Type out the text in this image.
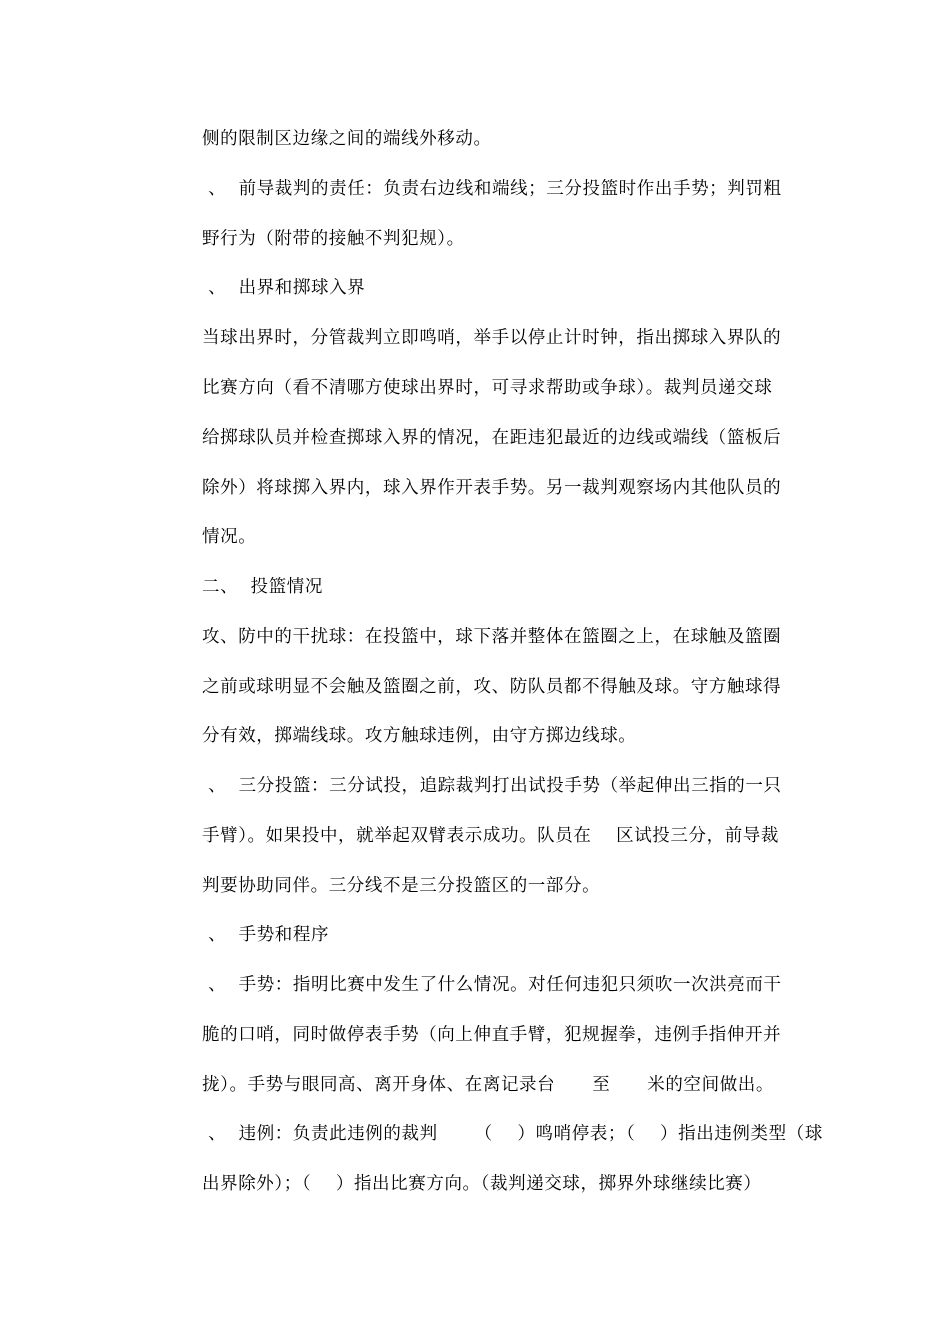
侧的限制区边缘之间的端线外移动。
、  前导裁判的责任：负责右边线和端线；三分投篮时作出手势；判罚粗
野行为（附带的接触不判犯规）。
、  出界和掷球入界
当球出界时，分管裁判立即鸣哨，举手以停止计时钟，指出掷球入界队的
比赛方向（看不清哪方使球出界时，可寻求帮助或争球）。裁判员递交球
给掷球队员并检查掷球入界的情况，在距违犯最近的边线或端线（篮板后
除外）将球掷入界内，球入界作开表手势。另一裁判观察场内其他队员的
情况。
二、  投篮情况
攻、防中的干扰球：在投篮中，球下落并整体在篮圈之上，在球触及篮圈
之前或球明显不会触及篮圈之前，攻、防队员都不得触及球。守方触球得
分有效，掷端线球。攻方触球违例，由守方掷边线球。
、  三分投篮：三分试投，追踪裁判打出试投手势（举起伸出三指的一只
手臂）。如果投中，就举起双臂表示成功。队员在    区试投三分，前导裁
判要协助同伴。三分线不是三分投篮区的一部分。
、  手势和程序
、  手势：指明比赛中发生了什么情况。对任何违犯只须吹一次洪亮而干
脆的口哨，同时做停表手势（向上伸直手臂，犯规握拳，违例手指伸开并
拢）。手势与眼同高、离开身体、在离记录台      至      米的空间做出。
、  违例：负责此违例的裁判      （    ）鸣哨停表；（    ）指出违例类型（球
出界除外）；（    ）指出比赛方向。（裁判递交球，掷界外球继续比赛）
